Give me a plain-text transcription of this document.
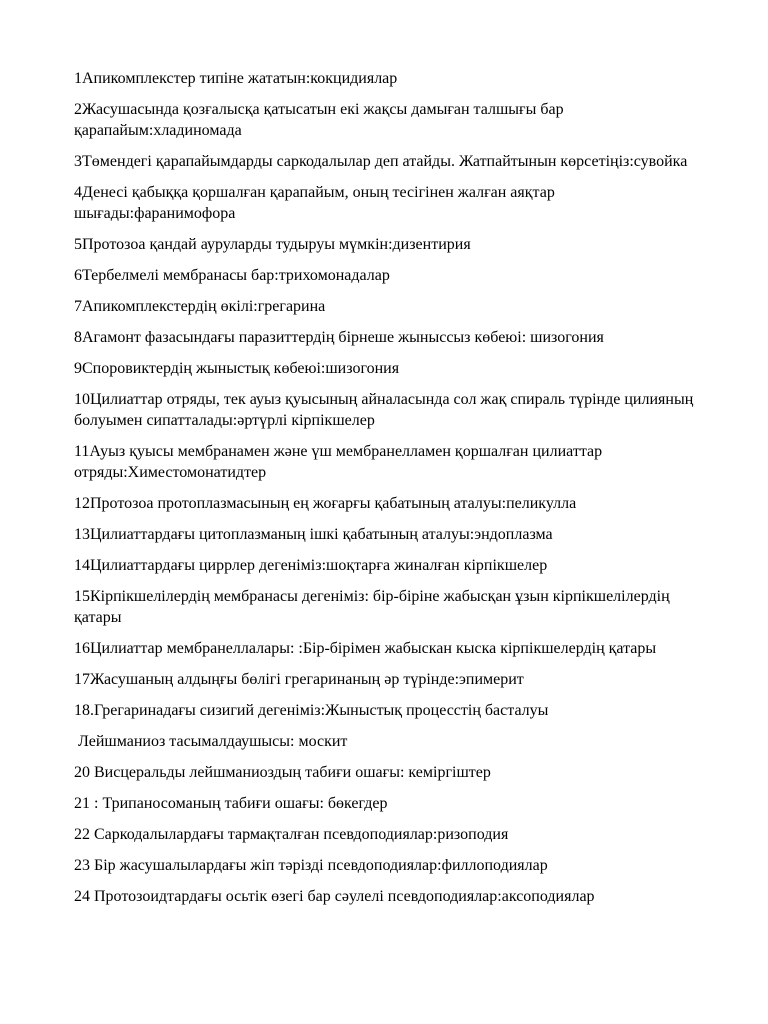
1Апикомплекстер типіне жататын:кокцидиялар

2Жасушасында қозғалысқа қатысатын екі жақсы дамыған талшығы бар қарапайым:хладиномада

3Төмендегі қарапайымдарды саркодалылар деп атайды. Жатпайтынын көрсетіңіз:сувойка

4Денесі қабыққа қоршалған қарапайым, оның тесігінен жалған аяқтар шығады:фаранимофора

5Протозоа қандай ауруларды тудыруы мүмкін:дизентирия

6Тербелмелі мембранасы бар:трихомонадалар

7Апикомплекстердің өкілі:грегарина

8Агамонт фазасындағы паразиттердің бірнеше жыныссыз көбеюі: шизогония

9Споровиктердің жыныстық көбеюі:шизогония

10Цилиаттар отряды, тек ауыз қуысының айналасында сол жақ спираль түрінде цилияның болуымен сипатталады:әртүрлі кірпікшелер

11Ауыз қуысы мембранамен және үш мембранелламен қоршалған цилиаттар отряды:Химестомонатидтер

12Протозоа протоплазмасының ең жоғарғы қабатының аталуы:пеликулла

13Цилиаттардағы цитоплазманың ішкі қабатының аталуы:эндоплазма

14Цилиаттардағы циррлер дегеніміз:шоқтарға жиналған кірпікшелер

15Кірпікшелілердің мембранасы дегеніміз: бір-біріне жабысқан ұзын кірпікшелілердің қатары

16Цилиаттар мембранеллалары: :Бір-бірімен жабыскан кыска кірпікшелердің қатары

17Жасушаның алдыңғы бөлігі грегаринаның әр түрінде:эпимерит

18.Грегаринадағы сизигий дегеніміз:Жыныстық процесстің басталуы

Лейшманиоз тасымалдаушысы: москит

20 Висцеральды лейшманиоздың табиғи ошағы: кеміргіштер

21 : Трипаносоманың табиғи ошағы: бөкегдер

22 Саркодалылардағы тармақталған псевдоподиялар:ризоподия

23 Бір жасушалылардағы жіп тәрізді псевдоподиялар:филлоподиялар

24 Протозоидтардағы осьтік өзегі бар сәулелі псевдоподиялар:аксоподиялар
